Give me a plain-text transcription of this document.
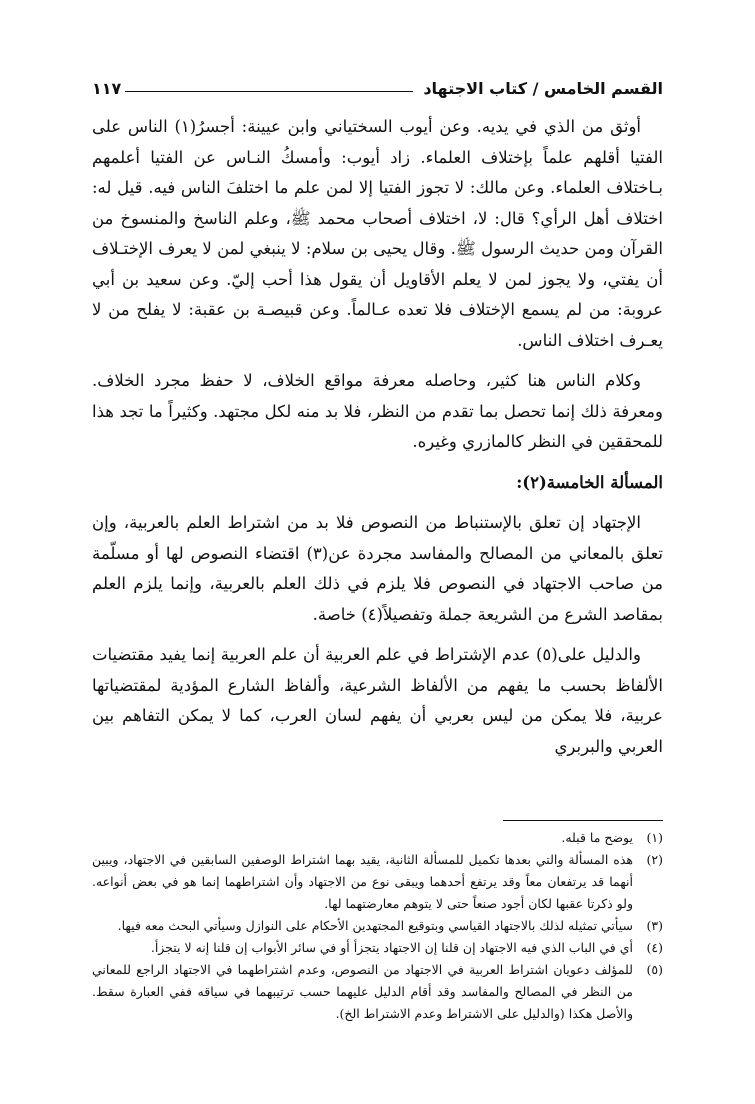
القسم الخامس / كتاب الاجتهاد
١١٧

أوثق من الذي في يديه. وعن أيوب السختياني وابن عيينة: أجسرُ(١) الناس على الفتيا أقلهم علماً بإختلاف العلماء. زاد أيوب: وأمسكُ النـاس عن الفتيا أعلمهم بـاختلاف العلماء. وعن مالك: لا تجوز الفتيا إلا لمن علم ما اختلفَ الناس فيه. قيل له: اختلاف أهل الرأي؟ قال: لا، اختلاف أصحاب محمد ﷺ، وعلم الناسخ والمنسوخ من القرآن ومن حديث الرسول ﷺ. وقال يحيى بن سلام: لا ينبغي لمن لا يعرف الإختـلاف أن يفتي، ولا يجوز لمن لا يعلم الأقاويل أن يقول هذا أحب إليّ. وعن سعيد بن أبي عروبة: من لم يسمع الإختلاف فلا تعده عـالماً. وعن قبيصـة بن عقبة: لا يفلح من لا يعـرف اختلاف الناس.

وكلام الناس هنا كثير، وحاصله معرفة مواقع الخلاف، لا حفظ مجرد الخلاف. ومعرفة ذلك إنما تحصل بما تقدم من النظر، فلا بد منه لكل مجتهد. وكثيراً ما تجد هذا للمحققين في النظر كالمازري وغيره.

المسألة الخامسة(٢):

الإجتهاد إن تعلق بالإستنباط من النصوص فلا بد من اشتراط العلم بالعربية، وإن تعلق بالمعاني من المصالح والمفاسد مجردة عن(٣) اقتضاء النصوص لها أو مسلّمة من صاحب الاجتهاد في النصوص فلا يلزم في ذلك العلم بالعربية، وإنما يلزم العلم بمقاصد الشرع من الشريعة جملة وتفصيلاً(٤) خاصة.

والدليل على(٥) عدم الإشتراط في علم العربية أن علم العربية إنما يفيد مقتضيات الألفاظ بحسب ما يفهم من الألفاظ الشرعية، وألفاظ الشارع المؤدية لمقتضياتها عربية، فلا يمكن من ليس بعربي أن يفهم لسان العرب، كما لا يمكن التفاهم بين العربي والبربري

(١)
يوضح ما قبله.
(٢)
هذه المسألة والتي بعدها تكميل للمسألة الثانية، يقيد بهما اشتراط الوصفين السابقين في الاجتهاد، ويبين أنهما قد يرتفعان معاً وقد يرتفع أحدهما ويبقى نوع من الاجتهاد وأن اشتراطهما إنما هو في بعض أنواعه. ولو ذكرتا عقبها لكان أجود صنعاً حتى لا يتوهم معارضتهما لها.
(٣)
سيأتي تمثيله لذلك بالاجتهاد القياسي وبتوقيع المجتهدين الأحكام على النوازل وسيأتي البحث معه فيها.
(٤)
أي في الباب الذي فيه الاجتهاد إن قلنا إن الاجتهاد يتجزأ أو في سائر الأبواب إن قلنا إنه لا يتجزأ.
(٥)
للمؤلف دعويان اشتراط العربية في الاجتهاد من النصوص، وعدم اشتراطهما في الاجتهاد الراجع للمعاني من النظر في المصالح والمفاسد وقد أقام الدليل عليهما حسب ترتيبهما في سياقه ففي العبارة سقط. والأصل هكذا (والدليل على الاشتراط وعدم الاشتراط الخ).
